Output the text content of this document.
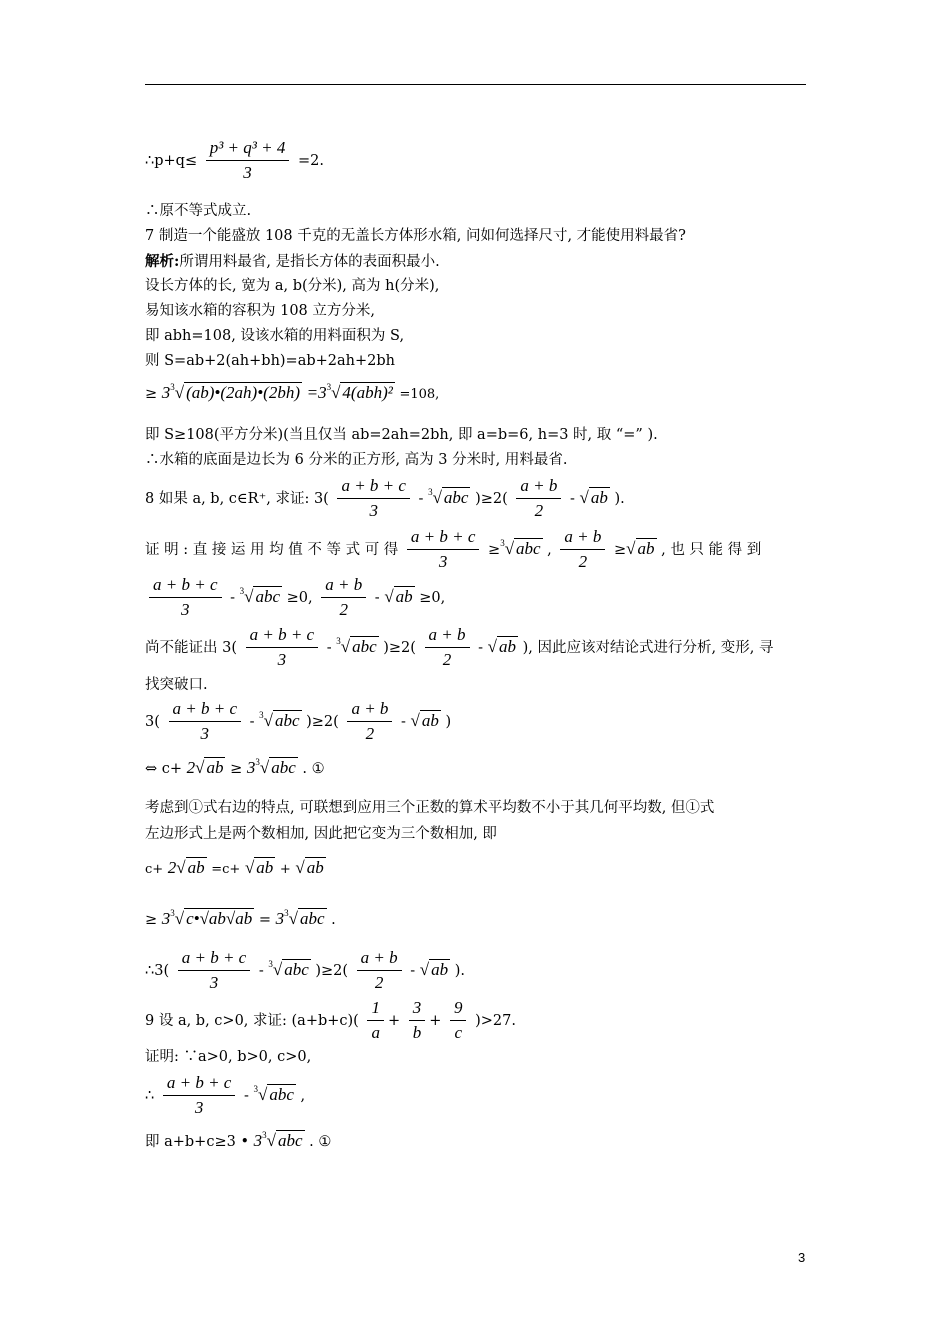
∴p+q≤ $\frac{\text{p³ + q³ + 4}}{3} =2$.
∴原不等式成立.
7 制造一个能盛放 108 千克的无盖长方体形水箱, 问如何选择尺寸, 才能使用料最省?
解析:所谓用料最省, 是指长方体的表面积最小.
设长方体的长, 宽为 a, b(分米), 高为 h(分米),
易知该水箱的容积为 108 立方分米,
即 abh=108, 设该水箱的用料面积为 S,
则 S=ab+2(ah+bh)=ab+2ah+2bh
≥ $3^3√$ (ab)•(2ah)•(2bh) $=3^3√$ 4(abh)² =108,
即 S≥108(平方分米)(当且仅当 ab=2ah=2bh, 即 a=b=6, h=3 时, 取 “=” ).
∴水箱的底面是边长为 6 分米的正方形, 高为 3 分米时, 用料最省.
8 如果 a, b, c∈R⁺, 求证: $3( \frac{a + b + c}{3} - ^3√$ abc )$\ge 2( \frac{a + b}{2}$ - √ ab ).
证 明 : 直 接 运 用 均 值 不 等 式 可 得 $\frac{a + b + c}{3} \ge^3√$ abc , $\frac{a + b}{2}$ ≥√ ab , 也 只 能 得 到
$\frac{a + b + c}{3} - ^3√$ abc ≥0, $\frac{a + b}{2}$ - √ ab ≥0,
尚不能证出 $3( \frac{a + b + c}{3} - ^3√$ abc )$\ge 2( \frac{a + b}{2}$ - √ ab ), 因此应该对结论式进行分析, 变形, 寻
找突破口.
$3( \frac{a + b + c}{3} - ^3√$ abc )$\ge 2( \frac{a + b}{2}$ - √ ab )
⇔ c+ 2√ ab ≥ $3^3√$ abc . ①
考虑到①式右边的特点, 可联想到应用三个正数的算术平均数不小于其几何平均数, 但①式
左边形式上是两个数相加, 因此把它变为三个数相加, 即
c+ 2√ ab =c+ √ ab + √ ab
≥ $3^3√$ c•√ab√ab = $3^3√$ abc .
∴3( $\frac{a + b + c}{3} - ^3√$ abc )$\ge 2( \frac{a + b}{2}$ - √ ab ).
9 设 a, b, c>0, 求证: $(a+b+c)( \frac{1}{a} + \frac{3}{b} + \frac{9}{c} )>27$.
证明: ∵a>0, b>0, c>0,
∴ $\frac{a + b + c}{3} - ^3√$ abc ,
即 a+b+c≥3 • $3^3√$ abc . ①
3
